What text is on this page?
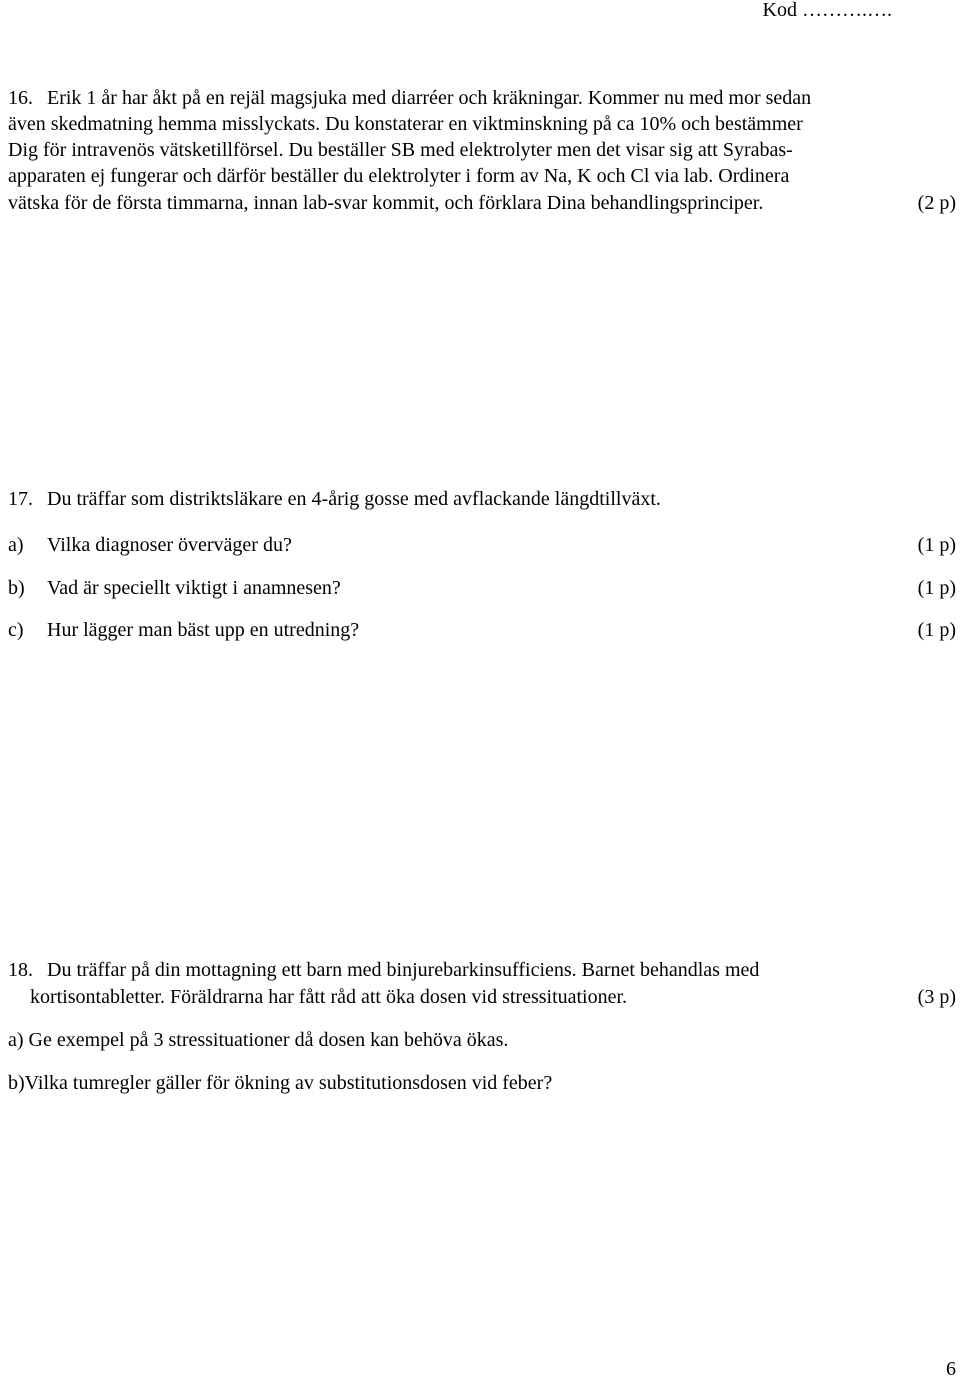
Kod ……….….
16. Erik 1 år har åkt på en rejäl magsjuka med diarréer och kräkningar. Kommer nu med mor sedan
även skedmatning hemma misslyckats. Du konstaterar en viktminskning på ca 10% och bestämmer
Dig för intravenös vätsketillförsel. Du beställer SB med elektrolyter men det visar sig att Syrabas-
apparaten ej fungerar och därför beställer du elektrolyter i form av Na, K och Cl via lab. Ordinera
vätska för de första timmarna, innan lab-svar kommit, och förklara Dina behandlingsprinciper.	(2 p)
17. Du träffar som distriktsläkare en 4-årig gosse med avflackande längdtillväxt.
a) Vilka diagnoser överväger du?	(1 p)
b) Vad är speciellt viktigt i anamnesen?	(1 p)
c) Hur lägger man bäst upp en utredning?	(1 p)
18. Du träffar på din mottagning ett barn med binjurebarkinsufficiens. Barnet behandlas med
kortisontabletter. Föräldrarna har fått råd att öka dosen vid stressituationer.	(3 p)
a) Ge exempel på 3 stressituationer då dosen kan behöva ökas.
b)Vilka tumregler gäller för ökning av substitutionsdosen vid feber?
6
